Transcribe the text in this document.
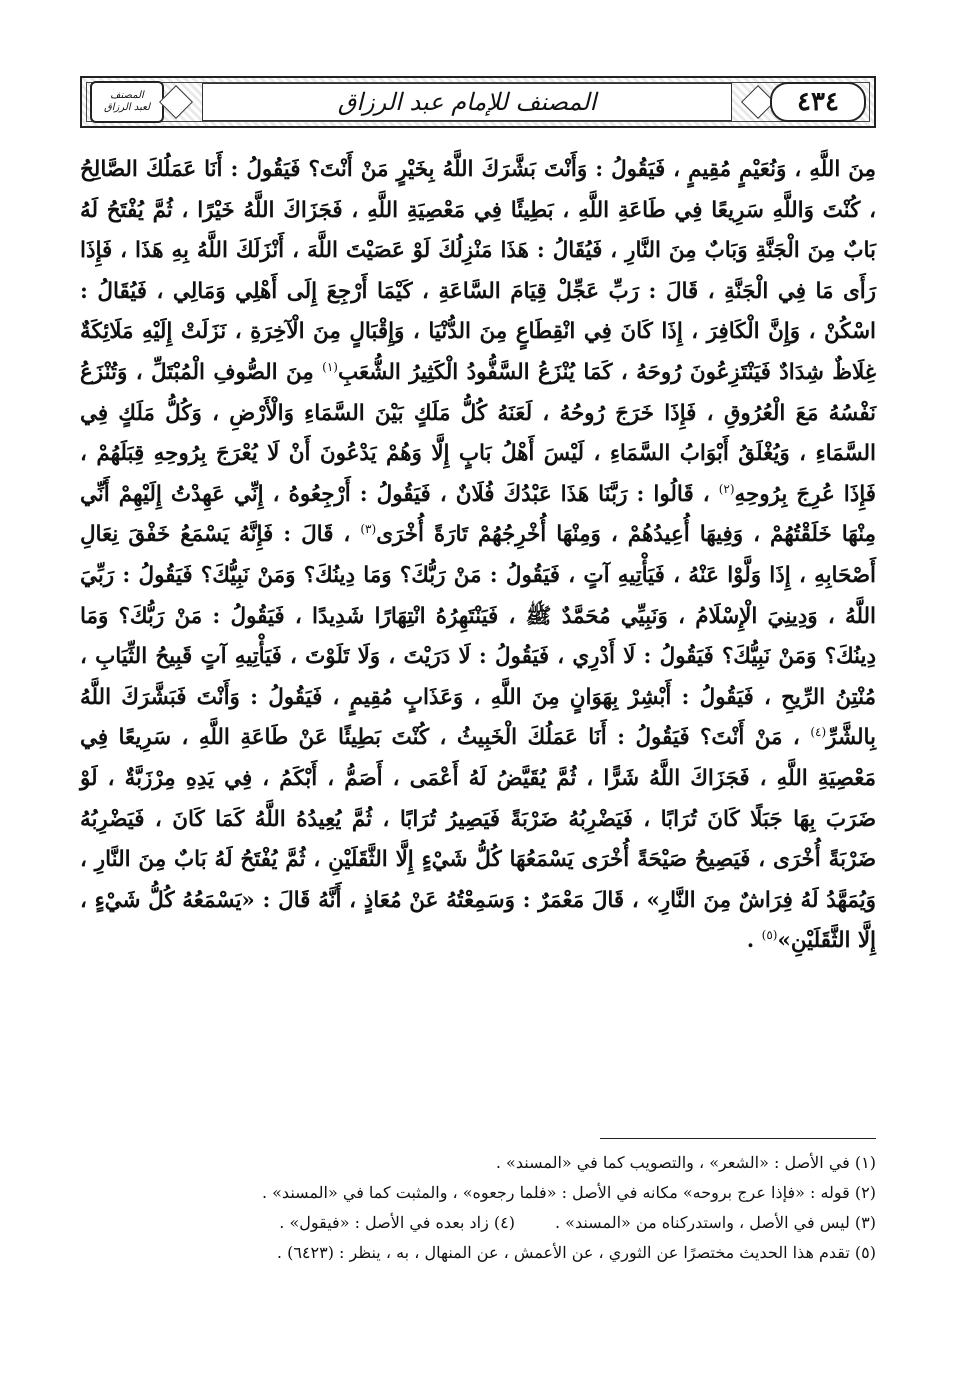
المصنف
لعبد الرزاق	المصنف للإمام عبد الرزاق	٤٣٤
مِنَ اللَّهِ ، وَنُعَيْمٍ مُقِيمٍ ، فَيَقُولُ : وَأَنْتَ بَشَّرَكَ اللَّهُ بِخَيْرٍ مَنْ أَنْتَ؟ فَيَقُولُ : أَنَا عَمَلُكَ الصَّالِحُ ، كُنْتَ وَاللَّهِ سَرِيعًا فِي طَاعَةِ اللَّهِ ، بَطِيئًا فِي مَعْصِيَةِ اللَّهِ ، فَجَزَاكَ اللَّهُ خَيْرًا ، ثُمَّ يُفْتَحُ لَهُ بَابٌ مِنَ الْجَنَّةِ وَبَابٌ مِنَ النَّارِ ، فَيُقَالُ : هَذَا مَنْزِلُكَ لَوْ عَصَيْتَ اللَّهَ ، أَنْزَلَكَ اللَّهُ بِهِ هَذَا ، فَإِذَا رَأَى مَا فِي الْجَنَّةِ ، قَالَ : رَبِّ عَجِّلْ قِيَامَ السَّاعَةِ ، كَيْمَا أَرْجِعَ إِلَى أَهْلِي وَمَالِي ، فَيُقَالُ : اسْكُنْ ، وَإِنَّ الْكَافِرَ ، إِذَا كَانَ فِي انْقِطَاعٍ مِنَ الدُّنْيَا ، وَإِقْبَالٍ مِنَ الْآخِرَةِ ، نَزَلَتْ إِلَيْهِ مَلَائِكَةٌ غِلَاظٌ شِدَادٌ فَيَنْتَزِعُونَ رُوحَهُ ، كَمَا يُنْزَعُ السَّفُّودُ الْكَثِيرُ الشُّعَبِ$^{(١)}$ مِنَ الصُّوفِ الْمُبْتَلِّ ، وَتُنْزَعُ نَفْسُهُ مَعَ الْعُرُوقِ ، فَإِذَا خَرَجَ رُوحُهُ ، لَعَنَهُ كُلُّ مَلَكٍ بَيْنَ السَّمَاءِ وَالْأَرْضِ ، وَكُلُّ مَلَكٍ فِي السَّمَاءِ ، وَيُغْلَقُ أَبْوَابُ السَّمَاءِ ، لَيْسَ أَهْلُ بَابٍ إِلَّا وَهُمْ يَدْعُونَ أَنْ لَا يُعْرَجَ بِرُوحِهِ قِبَلَهُمْ ، فَإِذَا عُرِجَ بِرُوحِهِ$^{(٢)}$ ، قَالُوا : رَبَّنَا هَذَا عَبْدُكَ فُلَانٌ ، فَيَقُولُ : أَرْجِعُوهُ ، إِنِّي عَهِدْتُ إِلَيْهِمْ أَنِّي مِنْهَا خَلَقْتُهُمْ ، وَفِيهَا أُعِيدُهُمْ ، وَمِنْهَا أُخْرِجُهُمْ تَارَةً أُخْرَى$^{(٣)}$ ، قَالَ : فَإِنَّهُ يَسْمَعُ خَفْقَ نِعَالِ أَصْحَابِهِ ، إِذَا وَلَّوْا عَنْهُ ، فَيَأْتِيهِ آتٍ ، فَيَقُولُ : مَنْ رَبُّكَ؟ وَمَا دِينُكَ؟ وَمَنْ نَبِيُّكَ؟ فَيَقُولُ : رَبِّيَ اللَّهُ ، وَدِينِيَ الْإِسْلَامُ ، وَنَبِيِّي مُحَمَّدٌ ﷺ ، فَيَنْتَهِرُهُ انْتِهَارًا شَدِيدًا ، فَيَقُولُ : مَنْ رَبُّكَ؟ وَمَا دِينُكَ؟ وَمَنْ نَبِيُّكَ؟ فَيَقُولُ : لَا أَدْرِي ، فَيَقُولُ : لَا دَرَيْتَ ، وَلَا تَلَوْتَ ، فَيَأْتِيهِ آتٍ قَبِيحُ الثِّيَابِ ، مُنْتِنُ الرِّيحِ ، فَيَقُولُ : أَبْشِرْ بِهَوَانٍ مِنَ اللَّهِ ، وَعَذَابٍ مُقِيمٍ ، فَيَقُولُ : وَأَنْتَ فَبَشَّرَكَ اللَّهُ بِالشَّرِّ$^{(٤)}$ ، مَنْ أَنْتَ؟ فَيَقُولُ : أَنَا عَمَلُكَ الْخَبِيثُ ، كُنْتَ بَطِيئًا عَنْ طَاعَةِ اللَّهِ ، سَرِيعًا فِي مَعْصِيَةِ اللَّهِ ، فَجَزَاكَ اللَّهُ شَرًّا ، ثُمَّ يُقَيَّضُ لَهُ أَعْمَى ، أَصَمُّ ، أَبْكَمُ ، فِي يَدِهِ مِرْزَبَّةٌ ، لَوْ ضَرَبَ بِهَا جَبَلًا كَانَ تُرَابًا ، فَيَضْرِبُهُ ضَرْبَةً فَيَصِيرُ تُرَابًا ، ثُمَّ يُعِيدُهُ اللَّهُ كَمَا كَانَ ، فَيَضْرِبُهُ ضَرْبَةً أُخْرَى ، فَيَصِيحُ صَيْحَةً أُخْرَى يَسْمَعُهَا كُلُّ شَيْءٍ إِلَّا الثَّقَلَيْنِ ، ثُمَّ يُفْتَحُ لَهُ بَابٌ مِنَ النَّارِ ، وَيُمَهَّدُ لَهُ فِرَاشٌ مِنَ النَّارِ» ، قَالَ مَعْمَرٌ : وَسَمِعْتُهُ عَنْ مُعَاذٍ ، أَنَّهُ قَالَ : «يَسْمَعُهُ كُلُّ شَيْءٍ ، إِلَّا الثَّقَلَيْنِ»$^{(٥)}$ .
(١) في الأصل : «الشعر» ، والتصويب كما في «المسند» .
(٢) قوله : «فإذا عرج بروحه» مكانه في الأصل : «فلما رجعوه» ، والمثبت كما في «المسند» .
(٣) ليس في الأصل ، واستدركناه من «المسند» .
(٤) زاد بعده في الأصل : «فيقول» .
(٥) تقدم هذا الحديث مختصرًا عن الثوري ، عن الأعمش ، عن المنهال ، به ، ينظر : (٦٤٢٣) .
